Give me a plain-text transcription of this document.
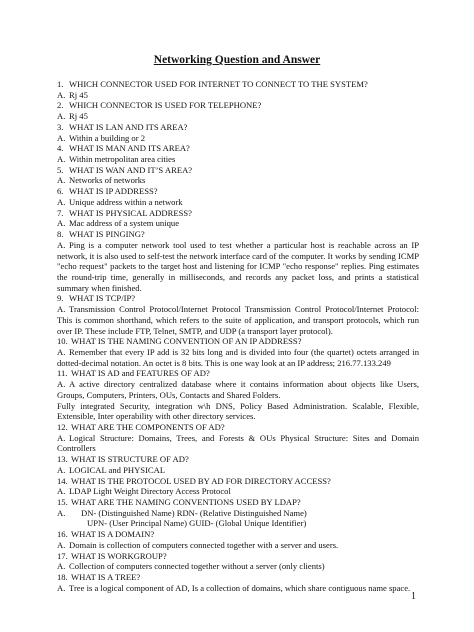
Networking Question and Answer
1. WHICH CONNECTOR USED FOR INTERNET TO CONNECT TO THE SYSTEM?
A. Rj 45
2. WHICH CONNECTOR IS USED FOR TELEPHONE?
A. Rj 45
3. WHAT IS LAN AND ITS AREA?
A. Within a building or 2
4. WHAT IS MAN AND ITS AREA?
A. Within metropolitan area cities
5. WHAT IS WAN AND IT’S AREA?
A. Networks of networks
6. WHAT IS IP ADDRESS?
A. Unique address within a network
7. WHAT IS PHYSICAL ADDRESS?
A. Mac address of a system unique
8. WHAT IS PINGING?
A. Ping is a computer network tool used to test whether a particular host is reachable across an IP network, it is also used to self-test the network interface card of the computer. It works by sending ICMP "echo request" packets to the target host and listening for ICMP "echo response" replies. Ping estimates the round-trip time, generally in milliseconds, and records any packet loss, and prints a statistical summary when finished.
9. WHAT IS TCP/IP?
A. Transmission Control Protocol/Internet Protocol Transmission Control Protocol/Internet Protocol: This is common shorthand, which refers to the suite of application, and transport protocols, which run over IP. These include FTP, Telnet, SMTP, and UDP (a transport layer protocol).
10. WHAT IS THE NAMING CONVENTION OF AN IP ADDRESS?
A. Remember that every IP add is 32 bits long and is divided into four (the quartet) octets arranged in dotted-decimal notation. An octet is 8 bits. This is one way look at an IP address; 216.77.133.249
11. WHAT IS AD and FEATURES OF AD?
A. A active directory centralized database where it contains information about objects like Users, Groups, Computers, Printers, OUs, Contacts and Shared Folders.
Fully integrated Security, integration w\h DNS, Policy Based Administration. Scalable, Flexible, Extensible, Inter operability with other directory services.
12. WHAT ARE THE COMPONENTS OF AD?
A. Logical Structure: Domains, Trees, and Forests & OUs Physical Structure: Sites and Domain Controllers
13. WHAT IS STRUCTURE OF AD?
A. LOGICAL and PHYSICAL
14. WHAT IS THE PROTOCOL USED BY AD FOR DIRECTORY ACCESS?
A. LDAP Light Weight Directory Access Protocol
15. WHAT ARE THE NAMING CONVENTIONS USED BY LDAP?
A. DN- (Distinguished Name) RDN- (Relative Distinguished Name)
UPN- (User Principal Name) GUID- (Global Unique Identifier)
16. WHAT IS A DOMAIN?
A. Domain is collection of computers connected together with a server and users.
17. WHAT IS WORKGROUP?
A. Collection of computers connected together without a server (only clients)
18. WHAT IS A TREE?
A. Tree is a logical component of AD, Is a collection of domains, which share contiguous name space.
1
